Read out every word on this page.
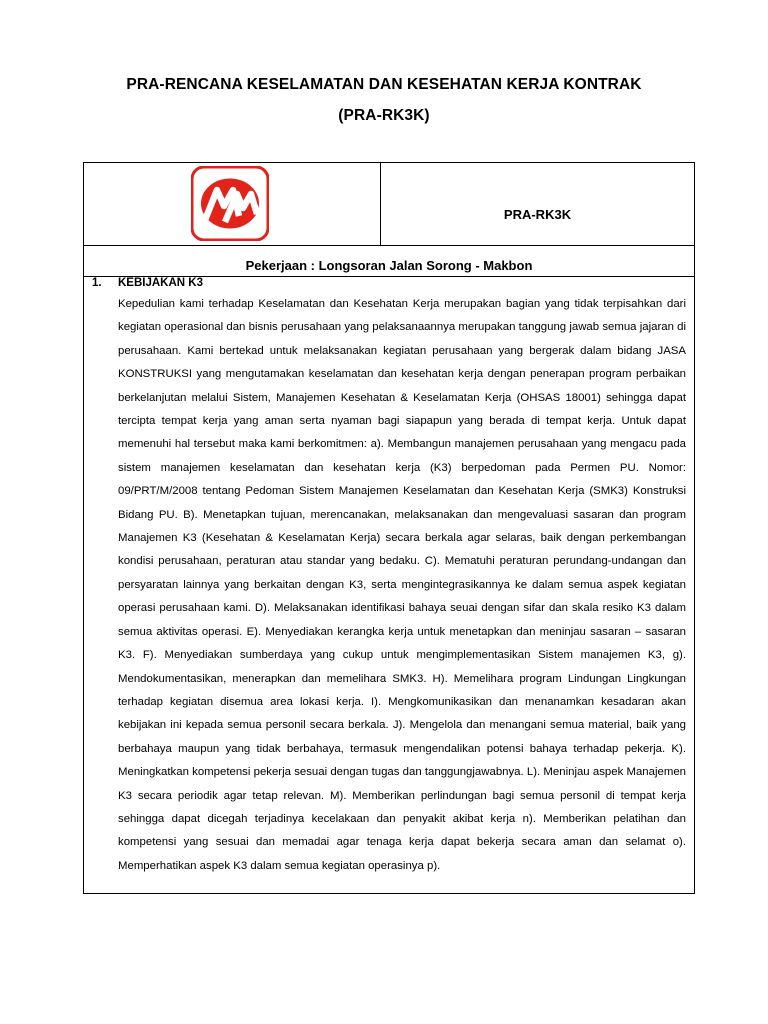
PRA-RENCANA KESELAMATAN DAN KESEHATAN KERJA KONTRAK
(PRA-RK3K)
PRA-RK3K
Pekerjaan : Longsoran Jalan Sorong - Makbon
1. KEBIJAKAN K3
Kepedulian kami terhadap Keselamatan dan Kesehatan Kerja merupakan bagian yang tidak terpisahkan dari kegiatan operasional dan bisnis perusahaan yang pelaksanaannya merupakan tanggung jawab semua jajaran di perusahaan. Kami bertekad untuk melaksanakan kegiatan perusahaan yang bergerak dalam bidang JASA KONSTRUKSI yang mengutamakan keselamatan dan kesehatan kerja dengan penerapan program perbaikan berkelanjutan melalui Sistem, Manajemen Kesehatan & Keselamatan Kerja (OHSAS 18001) sehingga dapat tercipta tempat kerja yang aman serta nyaman bagi siapapun yang berada di tempat kerja. Untuk dapat memenuhi hal tersebut maka kami berkomitmen: a). Membangun manajemen perusahaan yang mengacu pada sistem manajemen keselamatan dan kesehatan kerja (K3) berpedoman pada Permen PU. Nomor: 09/PRT/M/2008 tentang Pedoman Sistem Manajemen Keselamatan dan Kesehatan Kerja (SMK3) Konstruksi Bidang PU. B). Menetapkan tujuan, merencanakan, melaksanakan dan mengevaluasi sasaran dan program Manajemen K3 (Kesehatan & Keselamatan Kerja) secara berkala agar selaras, baik dengan perkembangan kondisi perusahaan, peraturan atau standar yang bedaku. C). Mematuhi peraturan perundang-undangan dan persyaratan lainnya yang berkaitan dengan K3, serta mengintegrasikannya ke dalam semua aspek kegiatan operasi perusahaan kami. D). Melaksanakan identifikasi bahaya seuai dengan sifar dan skala resiko K3 dalam semua aktivitas operasi. E). Menyediakan kerangka kerja untuk menetapkan dan meninjau sasaran – sasaran K3. F). Menyediakan sumberdaya yang cukup untuk mengimplementasikan Sistem manajemen K3, g). Mendokumentasikan, menerapkan dan memelihara SMK3. H). Memelihara program Lindungan Lingkungan terhadap kegiatan disemua area lokasi kerja. I). Mengkomunikasikan dan menanamkan kesadaran akan kebijakan ini kepada semua personil secara berkala. J). Mengelola dan menangani semua material, baik yang berbahaya maupun yang tidak berbahaya, termasuk mengendalikan potensi bahaya terhadap pekerja. K). Meningkatkan kompetensi pekerja sesuai dengan tugas dan tanggungjawabnya. L). Meninjau aspek Manajemen K3 secara periodik agar tetap relevan. M). Memberikan perlindungan bagi semua personil di tempat kerja sehingga dapat dicegah terjadinya kecelakaan dan penyakit akibat kerja n). Memberikan pelatihan dan kompetensi yang sesuai dan memadai agar tenaga kerja dapat bekerja secara aman dan selamat o). Memperhatikan aspek K3 dalam semua kegiatan operasinya p).
